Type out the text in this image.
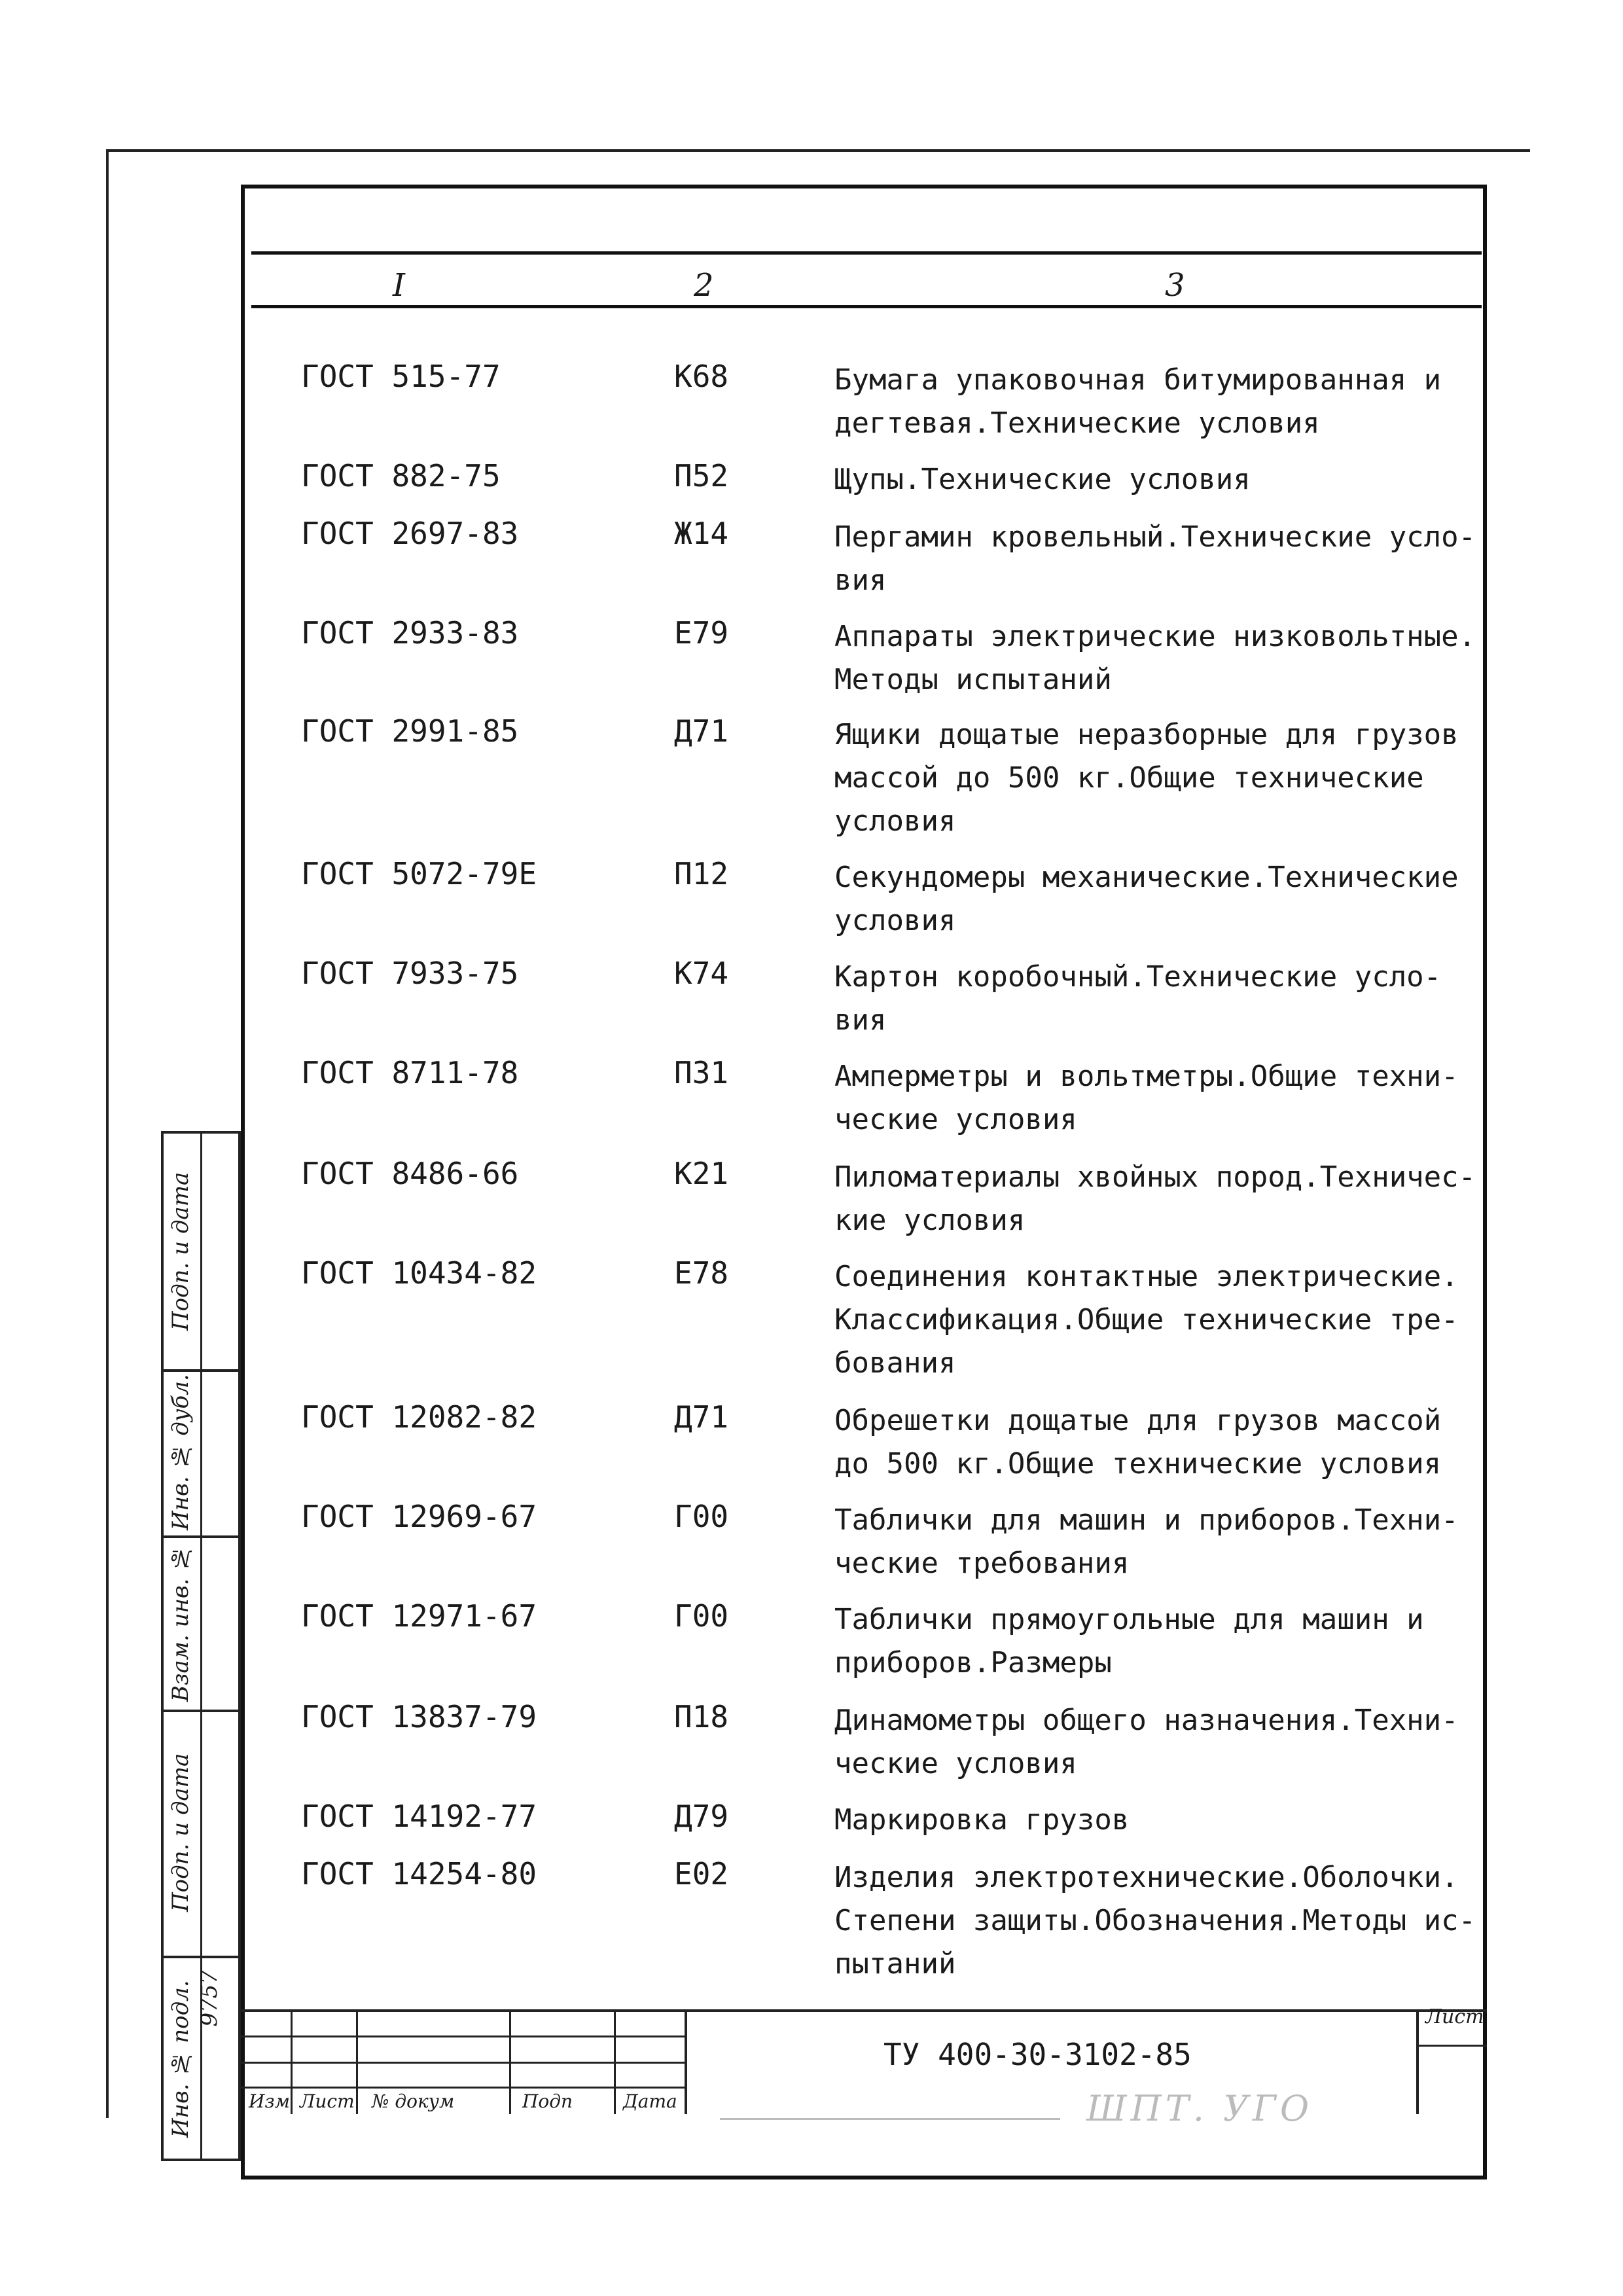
I	2	3
ГОСТ 515-77	К68	Бумага упаковочная битумированная и
дегтевая.Технические условия
ГОСТ 882-75	П52	Щупы.Технические условия
ГОСТ 2697-83	Ж14	Пергамин кровельный.Технические усло-
вия
ГОСТ 2933-83	Е79	Аппараты электрические низковольтные.
Методы испытаний
ГОСТ 2991-85	Д71	Ящики дощатые неразборные для грузов
массой до 500 кг.Общие технические
условия
ГОСТ 5072-79Е	П12	Секундомеры механические.Технические
условия
ГОСТ 7933-75	К74	Картон коробочный.Технические усло-
вия
ГОСТ 8711-78	П31	Амперметры и вольтметры.Общие техни-
ческие условия
ГОСТ 8486-66	К21	Пиломатериалы хвойных пород.Техничес-
кие условия
ГОСТ 10434-82	Е78	Соединения контактные электрические.
Классификация.Общие технические тре-
бования
ГОСТ 12082-82	Д71	Обрешетки дощатые для грузов массой
до 500 кг.Общие технические условия
ГОСТ 12969-67	Г00	Таблички для машин и приборов.Техни-
ческие требования
ГОСТ 12971-67	Г00	Таблички прямоугольные для машин и
приборов.Размеры
ГОСТ 13837-79	П18	Динамометры общего назначения.Техни-
ческие условия
ГОСТ 14192-77	Д79	Маркировка грузов
ГОСТ 14254-80	Е02	Изделия электротехнические.Оболочки.
Степени защиты.Обозначения.Методы ис-
пытаний
Подп. и дата
Инв. № дубл.
Взам. инв. №
Подп. и дата
Инв. № подл. 9757
Изм Лист № докум	Подп	Дата
ТУ 400-30-3102-85
Лист
ШПТ. УГО
